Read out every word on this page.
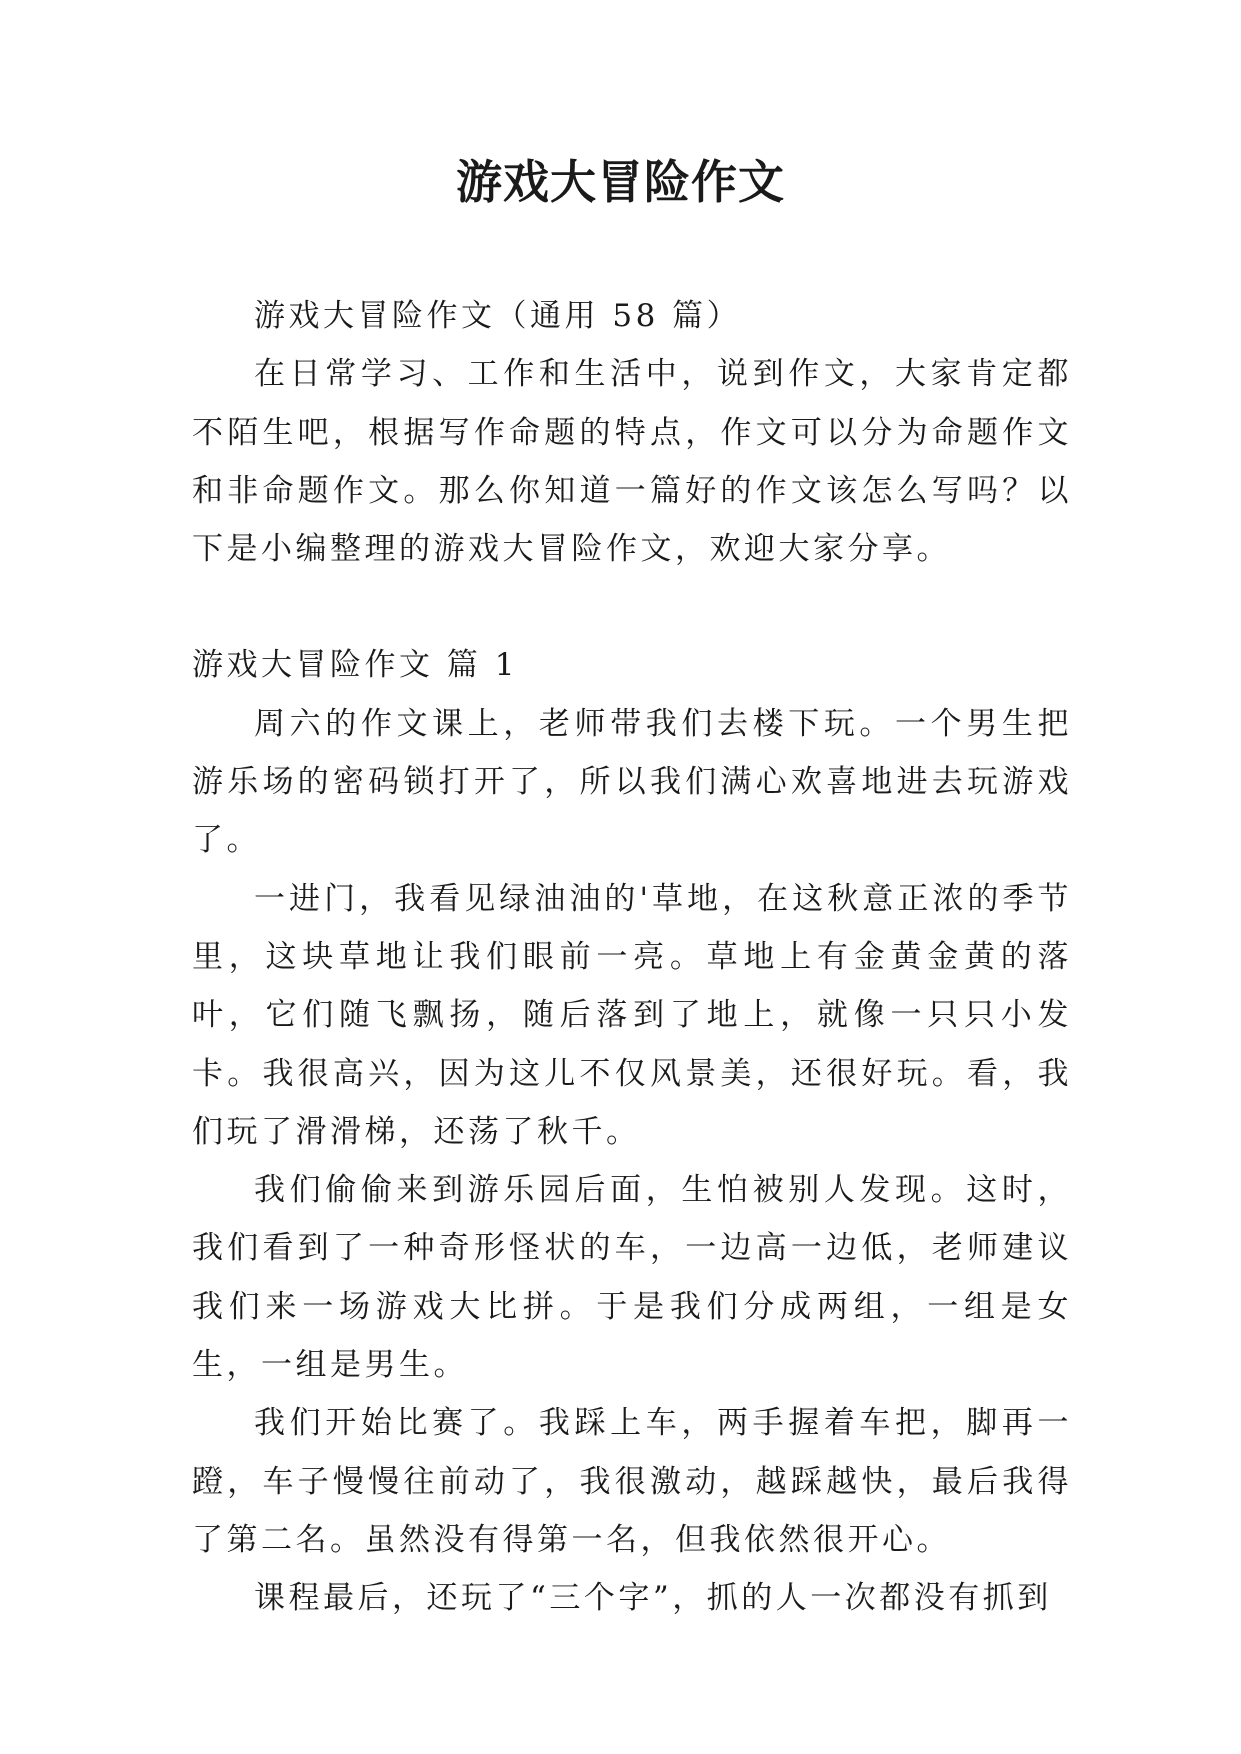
游戏大冒险作文

游戏大冒险作文（通用 58 篇）

在日常学习、工作和生活中，说到作文，大家肯定都不陌生吧，根据写作命题的特点，作文可以分为命题作文和非命题作文。那么你知道一篇好的作文该怎么写吗？以下是小编整理的游戏大冒险作文，欢迎大家分享。

游戏大冒险作文 篇 1

周六的作文课上，老师带我们去楼下玩。一个男生把游乐场的密码锁打开了，所以我们满心欢喜地进去玩游戏了。

一进门，我看见绿油油的'草地，在这秋意正浓的季节里，这块草地让我们眼前一亮。草地上有金黄金黄的落叶，它们随飞飘扬，随后落到了地上，就像一只只小发卡。我很高兴，因为这儿不仅风景美，还很好玩。看，我们玩了滑滑梯，还荡了秋千。

我们偷偷来到游乐园后面，生怕被别人发现。这时，我们看到了一种奇形怪状的车，一边高一边低，老师建议我们来一场游戏大比拼。于是我们分成两组，一组是女生，一组是男生。

我们开始比赛了。我踩上车，两手握着车把，脚再一蹬，车子慢慢往前动了，我很激动，越踩越快，最后我得了第二名。虽然没有得第一名，但我依然很开心。

课程最后，还玩了“三个字”，抓的人一次都没有抓到
